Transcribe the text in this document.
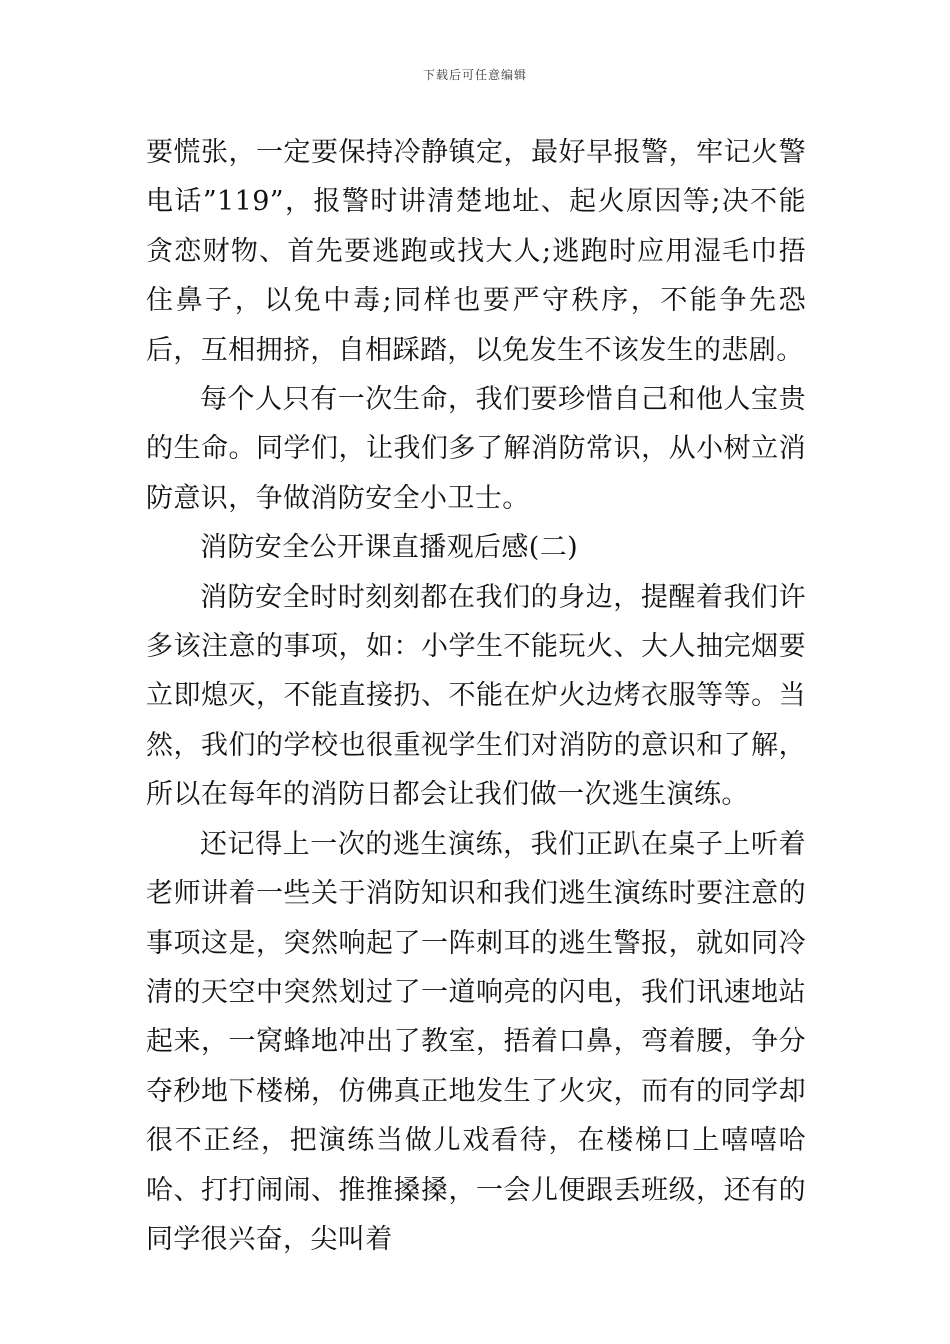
下载后可任意编辑

要慌张，一定要保持冷静镇定，最好早报警，牢记火警电话”119”，报警时讲清楚地址、起火原因等;决不能贪恋财物、首先要逃跑或找大人;逃跑时应用湿毛巾捂住鼻子，以免中毒;同样也要严守秩序，不能争先恐后，互相拥挤，自相踩踏，以免发生不该发生的悲剧。

每个人只有一次生命，我们要珍惜自己和他人宝贵的生命。同学们，让我们多了解消防常识，从小树立消防意识，争做消防安全小卫士。

消防安全公开课直播观后感(二)

消防安全时时刻刻都在我们的身边，提醒着我们许多该注意的事项，如：小学生不能玩火、大人抽完烟要立即熄灭，不能直接扔、不能在炉火边烤衣服等等。当然，我们的学校也很重视学生们对消防的意识和了解，所以在每年的消防日都会让我们做一次逃生演练。

还记得上一次的逃生演练，我们正趴在桌子上听着老师讲着一些关于消防知识和我们逃生演练时要注意的事项这是，突然响起了一阵刺耳的逃生警报，就如同冷清的天空中突然划过了一道响亮的闪电，我们讯速地站起来，一窝蜂地冲出了教室，捂着口鼻，弯着腰，争分夺秒地下楼梯，仿佛真正地发生了火灾，而有的同学却很不正经，把演练当做儿戏看待，在楼梯口上嘻嘻哈哈、打打闹闹、推推搡搡，一会儿便跟丢班级，还有的同学很兴奋，尖叫着
